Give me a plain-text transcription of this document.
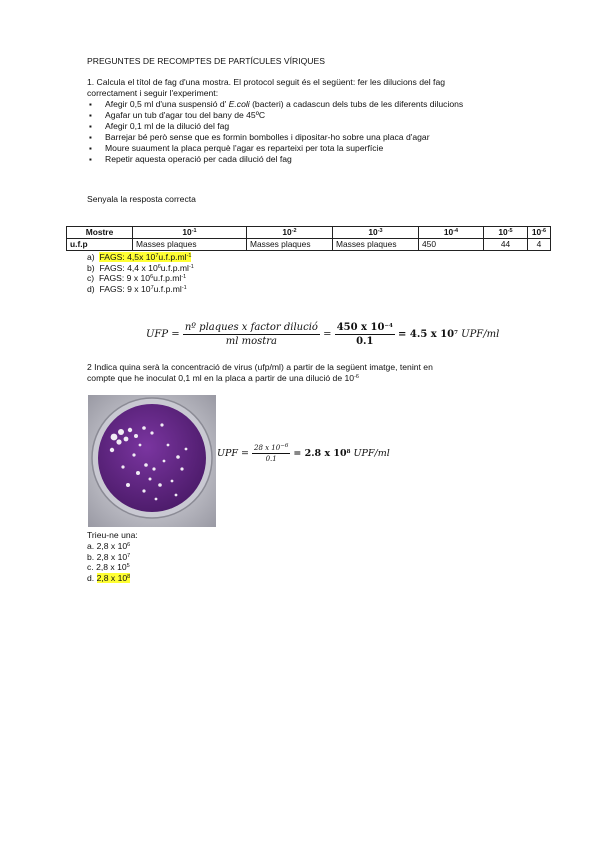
PREGUNTES DE RECOMPTES DE PARTÍCULES VÍRIQUES
1. Calcula el títol de fag d'una mostra. El protocol seguit és el següent: fer les dilucions del fag
correctament i seguir l'experiment:
▪ Afegir 0,5 ml d'una suspensió d' E.coli (bacteri) a cadascun dels tubs de les diferents dilucions
▪ Agafar un tub d'agar tou del bany de 45ºC
▪ Afegir 0,1 ml de la dilució del fag
▪ Barrejar bé però sense que es formin bombolles i dipositar-ho sobre una placa d'agar
▪ Moure suaument la placa perquè l'agar es reparteixi per tota la superfície
▪ Repetir aquesta operació per cada dilució del fag
Senyala la resposta correcta
Mostre	$10^{-1}$	$10^{-2}$	$10^{-3}$	$10^{-4}$	$10^{-5}$	$10^{-6}$
u.f.p	Masses plaques	Masses plaques	Masses plaques	450	44	4
a) FAGS: 4,5x $10^7u.f.p.ml^{-1}$
b) FAGS: 4,4 x $10^6u.f.p.ml^{-1}$
c) FAGS: 9 x $10^6u.f.p.ml^{-1}$
d) FAGS: 9 x $10^7u.f.p.ml^{-1}$
UFP = $\frac{\text{nº plaques x factor dilució}}{\text{ml mostra}} = \frac{450 x 10^{-4}}{0.1} = 4.5$ x $10^7$ UPF/ml
2 Indica quina serà la concentració de virus (ufp/ml) a partir de la següent imatge, tenint en
compte que he inoculat 0,1 ml en la placa a partir de una dilució de $10^{-6}$
UPF = $\frac{28 x 10^{-6}}{0.1} = 2.8$ x $10^8$ UPF/ml
Trieu-ne una:
a. 2,8 x $10^6$
b. 2,8 x $10^7$
c. 2,8 x $10^5$
d. 2,8 x $10^8$
